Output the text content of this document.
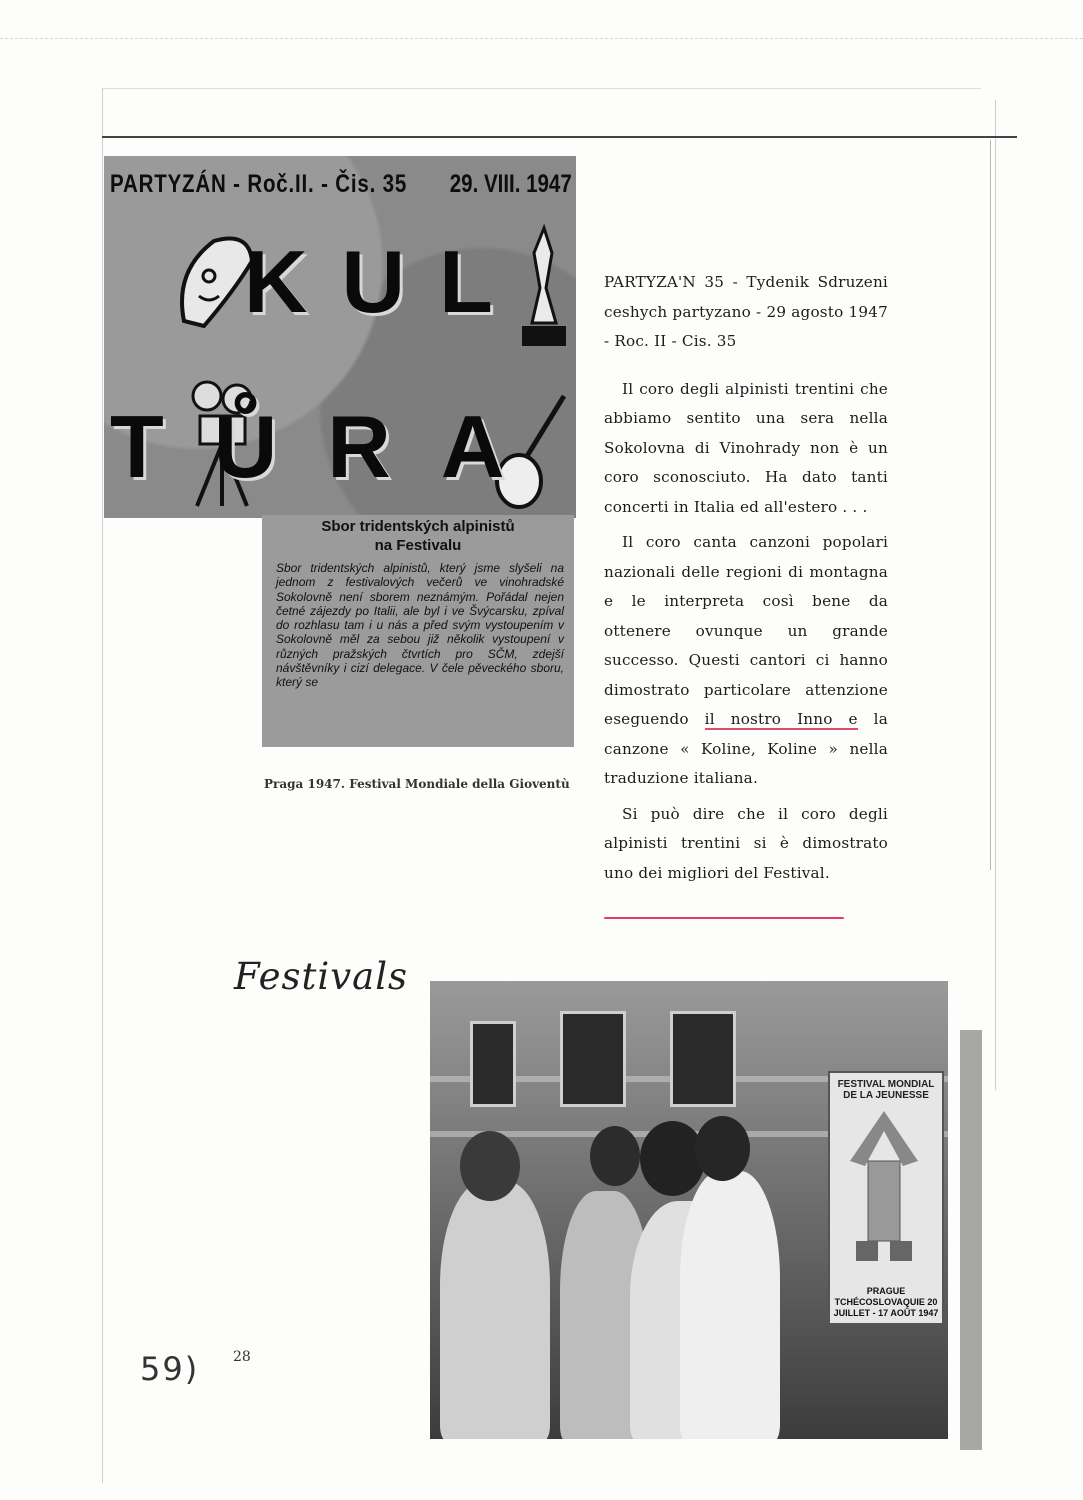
PARTYZÁN - Roč.II. - Čis. 35	29. VIII. 1947
KUL
TŮRA
Sbor tridentských alpinistů
na Festivalu
Sbor tridentských alpinistů, který jsme slyšeli na jednom z festivalových večerů ve vinohradské Sokolovně není sborem neznámým. Pořádal nejen četné zájezdy po Italii, ale byl i ve Švýcarsku, zpíval do rozhlasu tam i u nás a před svým vystoupením v Sokolovně měl za sebou již několik vystoupení v různých pražských čtvrtích pro SČM, zdejší návštěvníky i cizí delegace. V čele pěveckého sboru, který se
Praga 1947. Festival Mondiale della Gioventù

PARTYZA'N 35 - Tydenik Sdruzeni ceshych partyzano - 29 agosto 1947 - Roc. II - Cis. 35

Il coro degli alpinisti trentini che abbiamo sentito una sera nella Sokolovna di Vinohrady non è un coro sconosciuto. Ha dato tanti concerti in Italia ed all'estero . . .

Il coro canta canzoni popolari nazionali delle regioni di montagna e le interpreta così bene da ottenere ovunque un grande successo. Questi cantori ci hanno dimostrato particolare attenzione eseguendo il nostro Inno e la canzone « Koline, Koline » nella traduzione italiana.

Si può dire che il coro degli alpinisti trentini si è dimostrato uno dei migliori del Festival.

Festivals
FESTIVAL MONDIAL DE LA JEUNESSE
PRAGUE TCHÉCOSLOVAQUIE 20 JUILLET - 17 AOÛT 1947
59) 28
